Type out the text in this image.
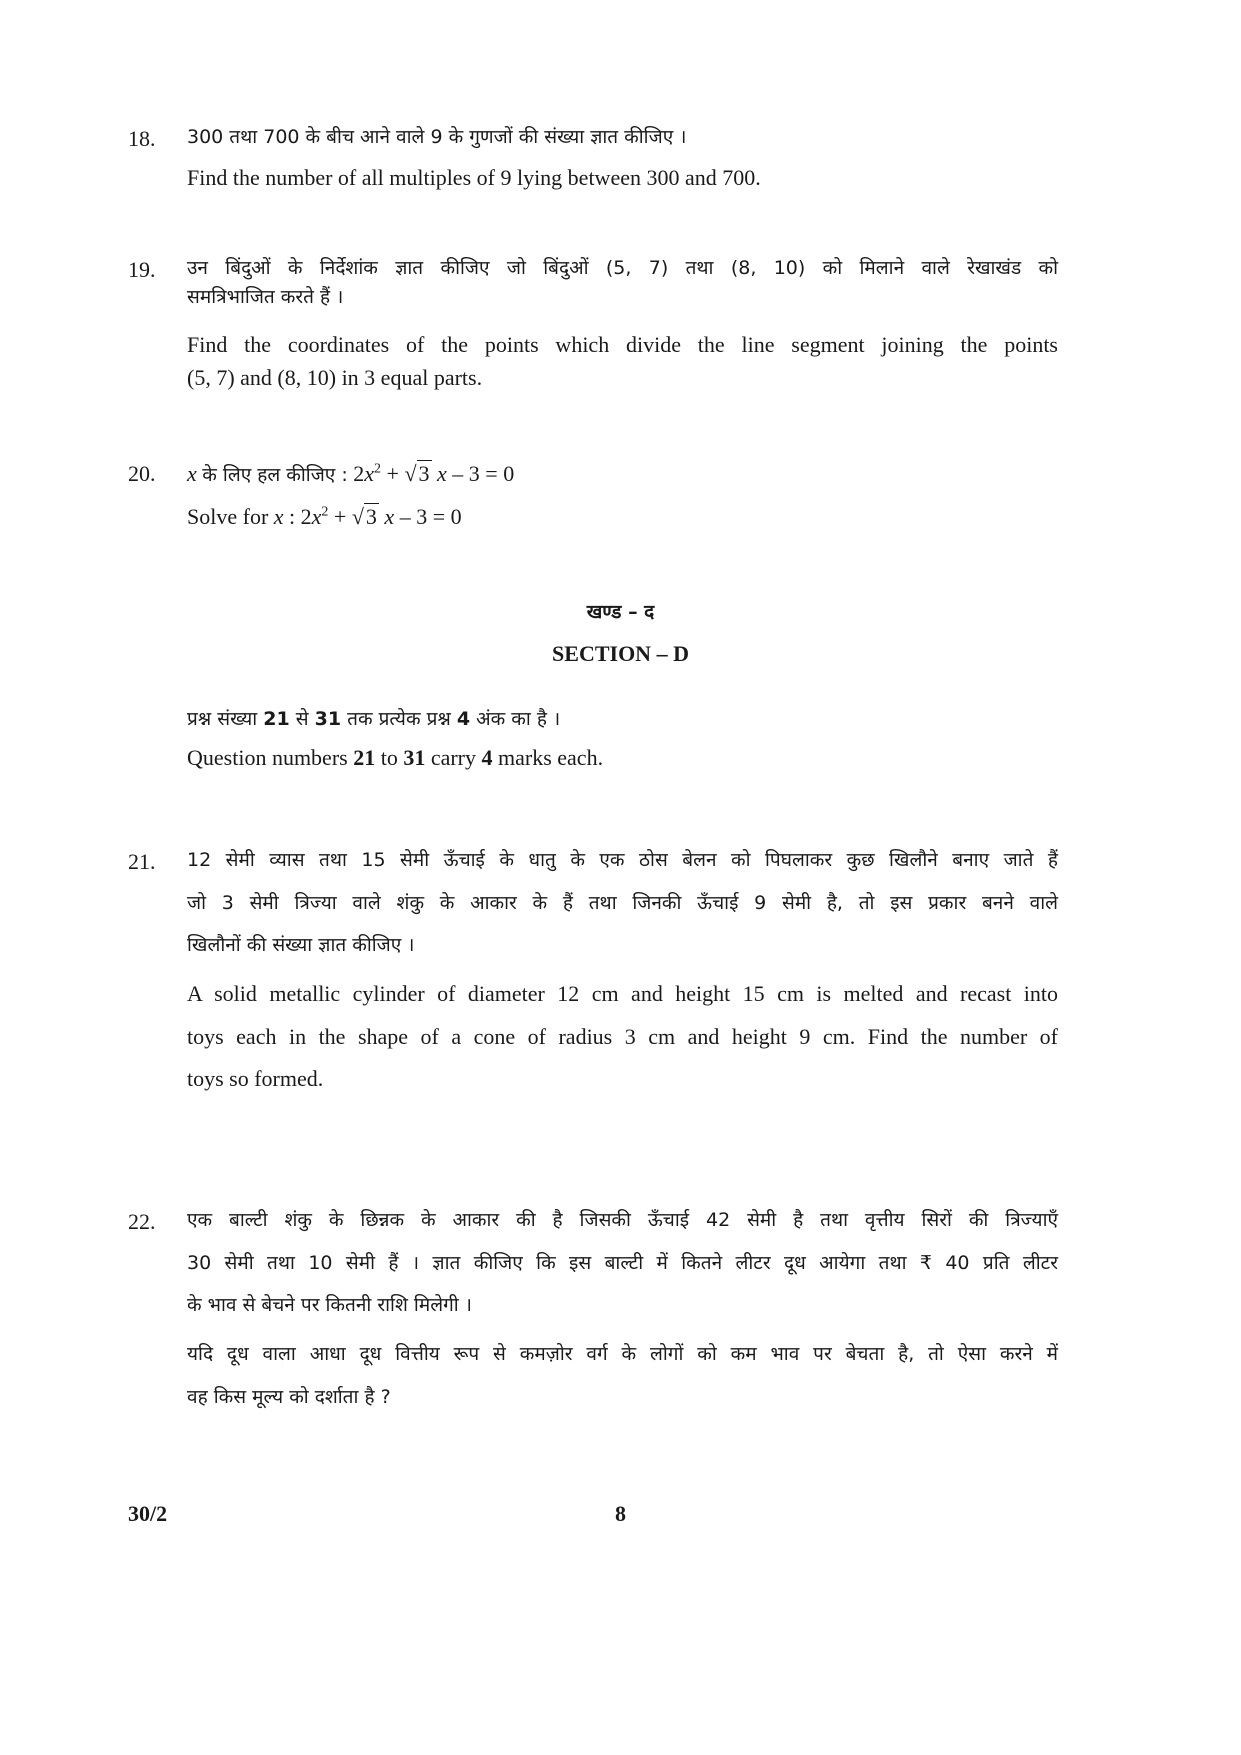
18.	300 तथा 700 के बीच आने वाले 9 के गुणजों की संख्या ज्ञात कीजिए ।
Find the number of all multiples of 9 lying between 300 and 700.
19.	उन बिंदुओं के निर्देशांक ज्ञात कीजिए जो बिंदुओं (5, 7) तथा (8, 10) को मिलाने वाले रेखाखंड को
समत्रिभाजित करते हैं ।
Find the coordinates of the points which divide the line segment joining the points
(5, 7) and (8, 10) in 3 equal parts.
20.	x के लिए हल कीजिए : $2x^2 + √3$ x – 3 = 0
Solve for x : $2x^2 + √3$ x – 3 = 0
खण्ड – द
SECTION – D
प्रश्न संख्या 21 से 31 तक प्रत्येक प्रश्न 4 अंक का है ।
Question numbers 21 to 31 carry 4 marks each.
21.	12 सेमी व्यास तथा 15 सेमी ऊँचाई के धातु के एक ठोस बेलन को पिघलाकर कुछ खिलौने बनाए जाते हैं
जो 3 सेमी त्रिज्या वाले शंकु के आकार के हैं तथा जिनकी ऊँचाई 9 सेमी है, तो इस प्रकार बनने वाले
खिलौनों की संख्या ज्ञात कीजिए ।
A solid metallic cylinder of diameter 12 cm and height 15 cm is melted and recast into
toys each in the shape of a cone of radius 3 cm and height 9 cm. Find the number of
toys so formed.
22.	एक बाल्टी शंकु के छिन्नक के आकार की है जिसकी ऊँचाई 42 सेमी है तथा वृत्तीय सिरों की त्रिज्याएँ
30 सेमी तथा 10 सेमी हैं । ज्ञात कीजिए कि इस बाल्टी में कितने लीटर दूध आयेगा तथा ₹ 40 प्रति लीटर
के भाव से बेचने पर कितनी राशि मिलेगी ।
यदि दूध वाला आधा दूध वित्तीय रूप से कमज़ोर वर्ग के लोगों को कम भाव पर बेचता है, तो ऐसा करने में
वह किस मूल्य को दर्शाता है ?
30/2	8
